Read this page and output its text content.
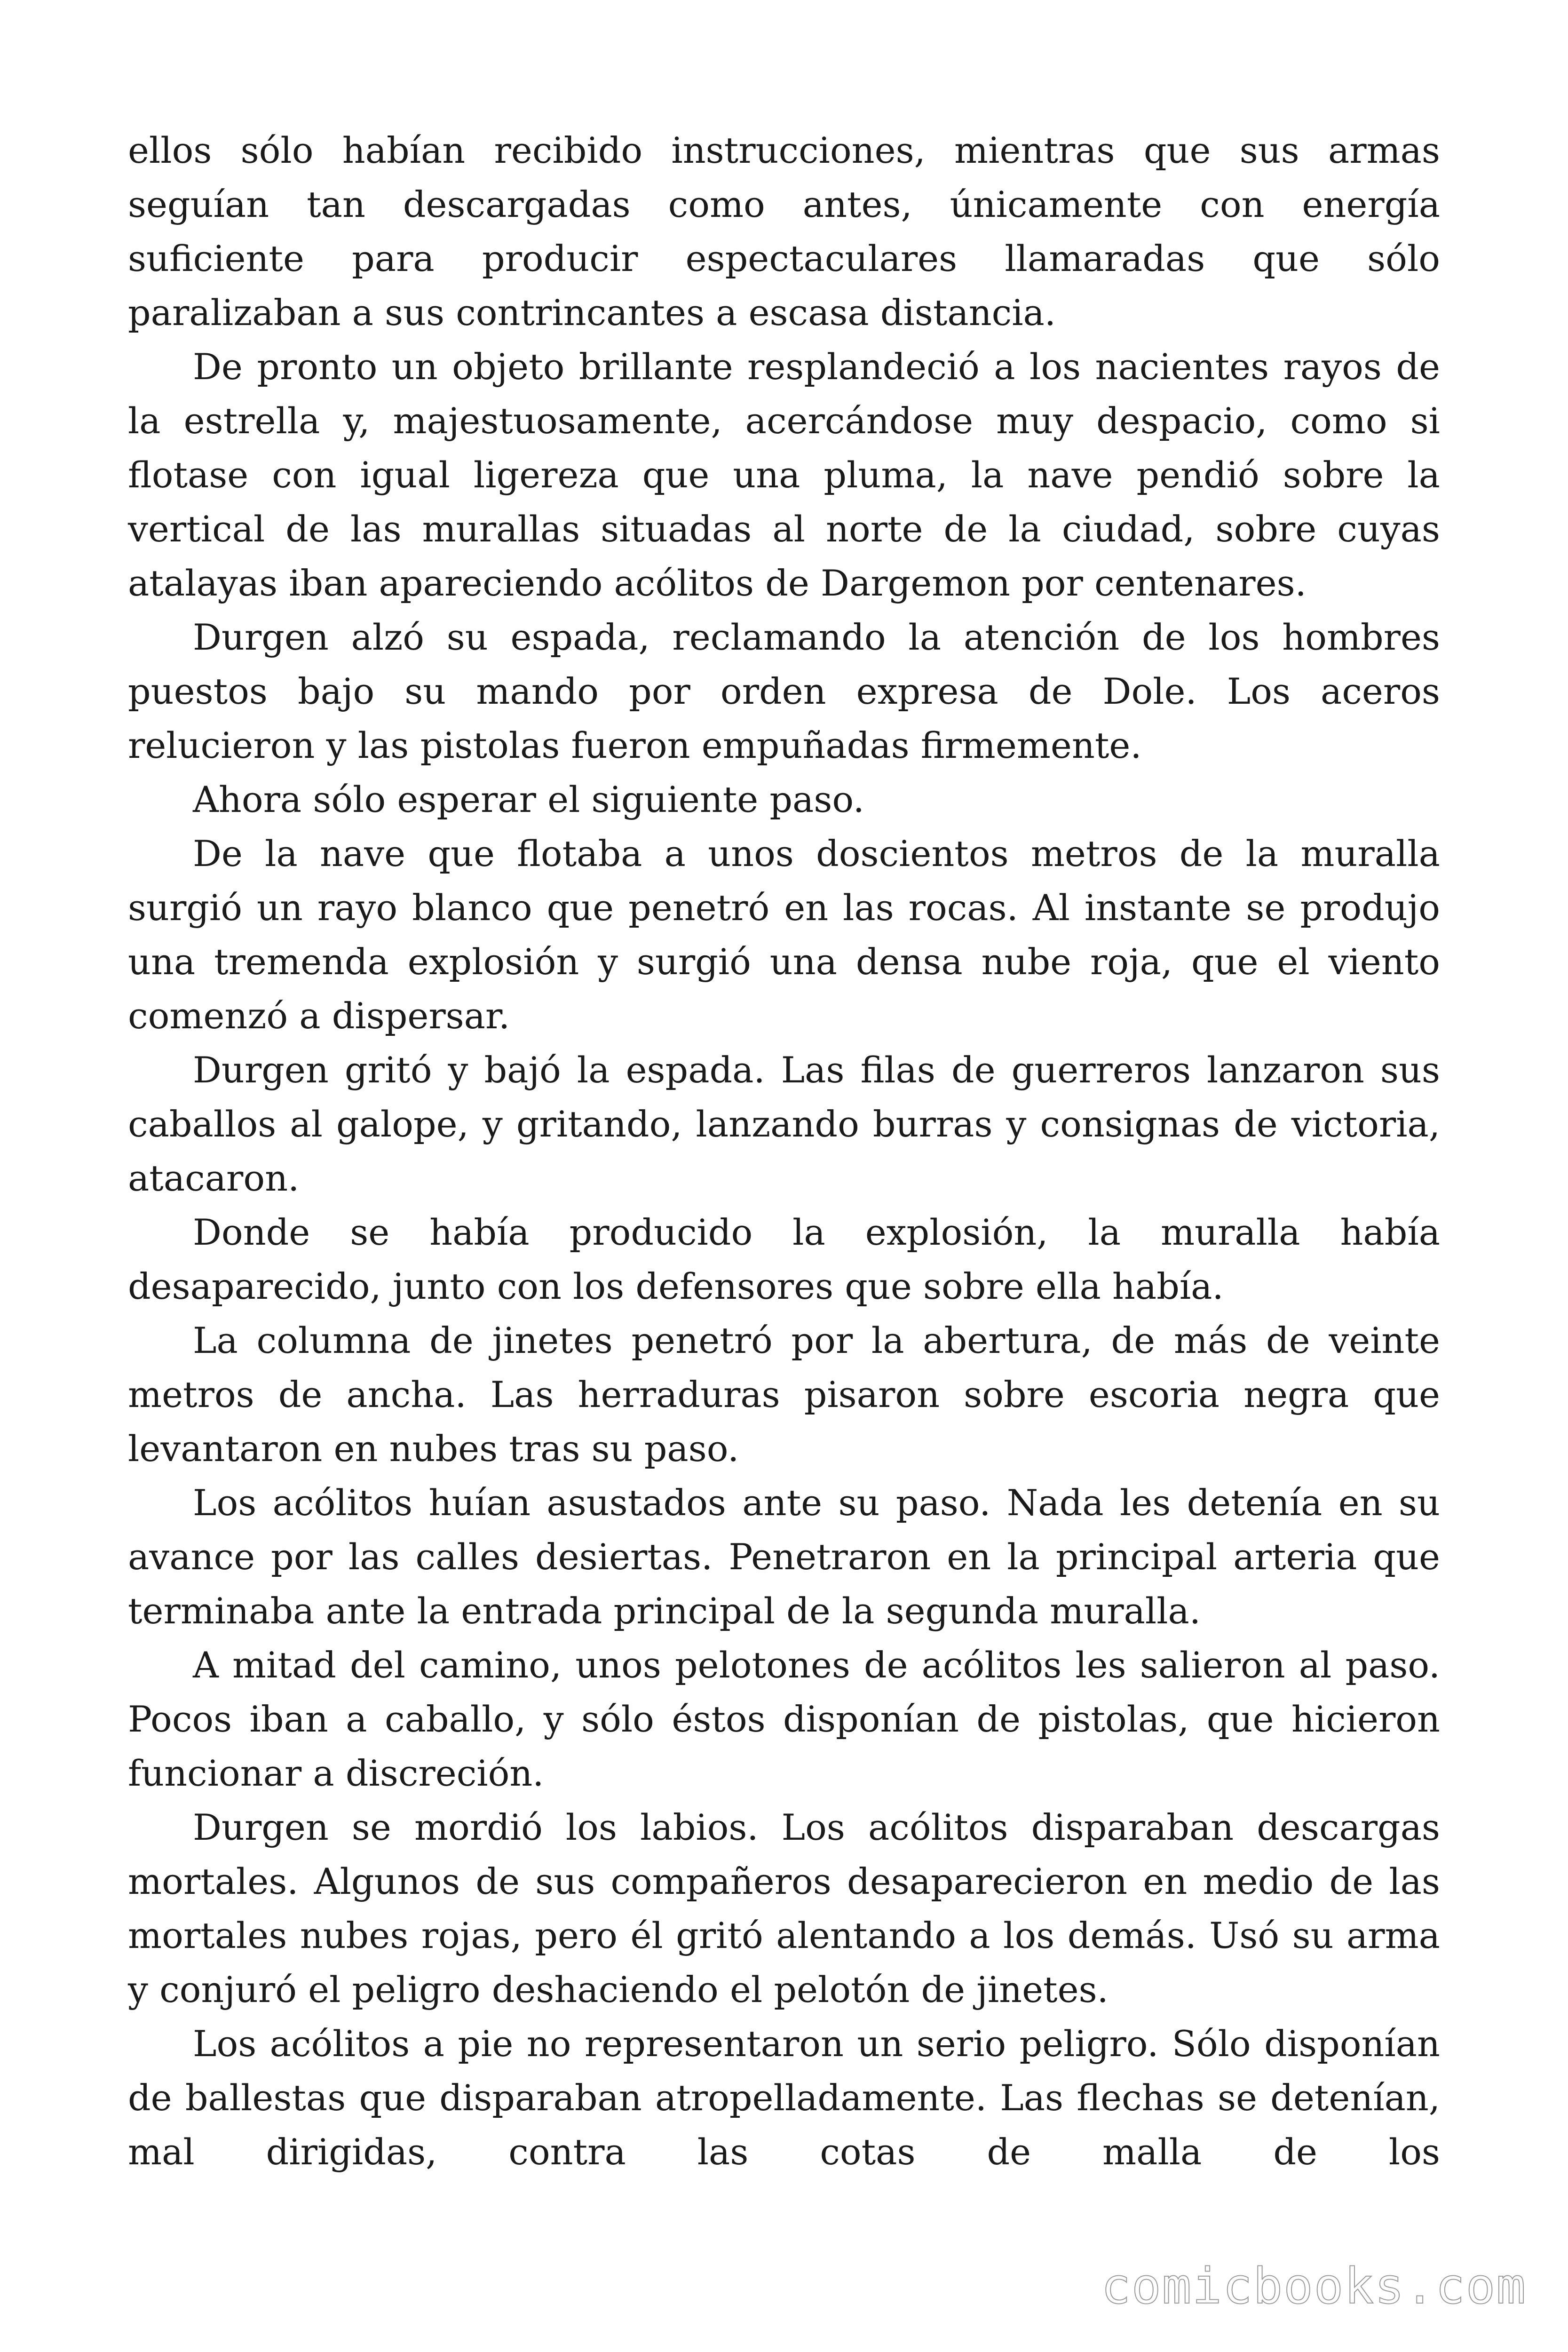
ellos sólo habían recibido instrucciones, mientras que sus armas seguían tan descargadas como antes, únicamente con energía suficiente para producir espectaculares llamaradas que sólo paralizaban a sus contrincantes a escasa distancia.

De pronto un objeto brillante resplandeció a los nacientes rayos de la estrella y, majestuosamente, acercándose muy despacio, como si flotase con igual ligereza que una pluma, la nave pendió sobre la vertical de las murallas situadas al norte de la ciudad, sobre cuyas atalayas iban apareciendo acólitos de Dargemon por centenares.

Durgen alzó su espada, reclamando la atención de los hombres puestos bajo su mando por orden expresa de Dole. Los aceros relucieron y las pistolas fueron empuñadas firmemente.

Ahora sólo esperar el siguiente paso.

De la nave que flotaba a unos doscientos metros de la muralla surgió un rayo blanco que penetró en las rocas. Al instante se produjo una tremenda explosión y surgió una densa nube roja, que el viento comenzó a dispersar.

Durgen gritó y bajó la espada. Las filas de guerreros lanzaron sus caballos al galope, y gritando, lanzando burras y consignas de victoria, atacaron.

Donde se había producido la explosión, la muralla había desaparecido, junto con los defensores que sobre ella había.

La columna de jinetes penetró por la abertura, de más de veinte metros de ancha. Las herraduras pisaron sobre escoria negra que levantaron en nubes tras su paso.

Los acólitos huían asustados ante su paso. Nada les detenía en su avance por las calles desiertas. Penetraron en la principal arteria que terminaba ante la entrada principal de la segunda muralla.

A mitad del camino, unos pelotones de acólitos les salieron al paso. Pocos iban a caballo, y sólo éstos disponían de pistolas, que hicieron funcionar a discreción.

Durgen se mordió los labios. Los acólitos disparaban descargas mortales. Algunos de sus compañeros desaparecieron en medio de las mortales nubes rojas, pero él gritó alentando a los demás. Usó su arma y conjuró el peligro deshaciendo el pelotón de jinetes.

Los acólitos a pie no representaron un serio peligro. Sólo disponían de ballestas que disparaban atropelladamente. Las flechas se detenían, mal dirigidas, contra las cotas de malla de los

comicbooks.com
